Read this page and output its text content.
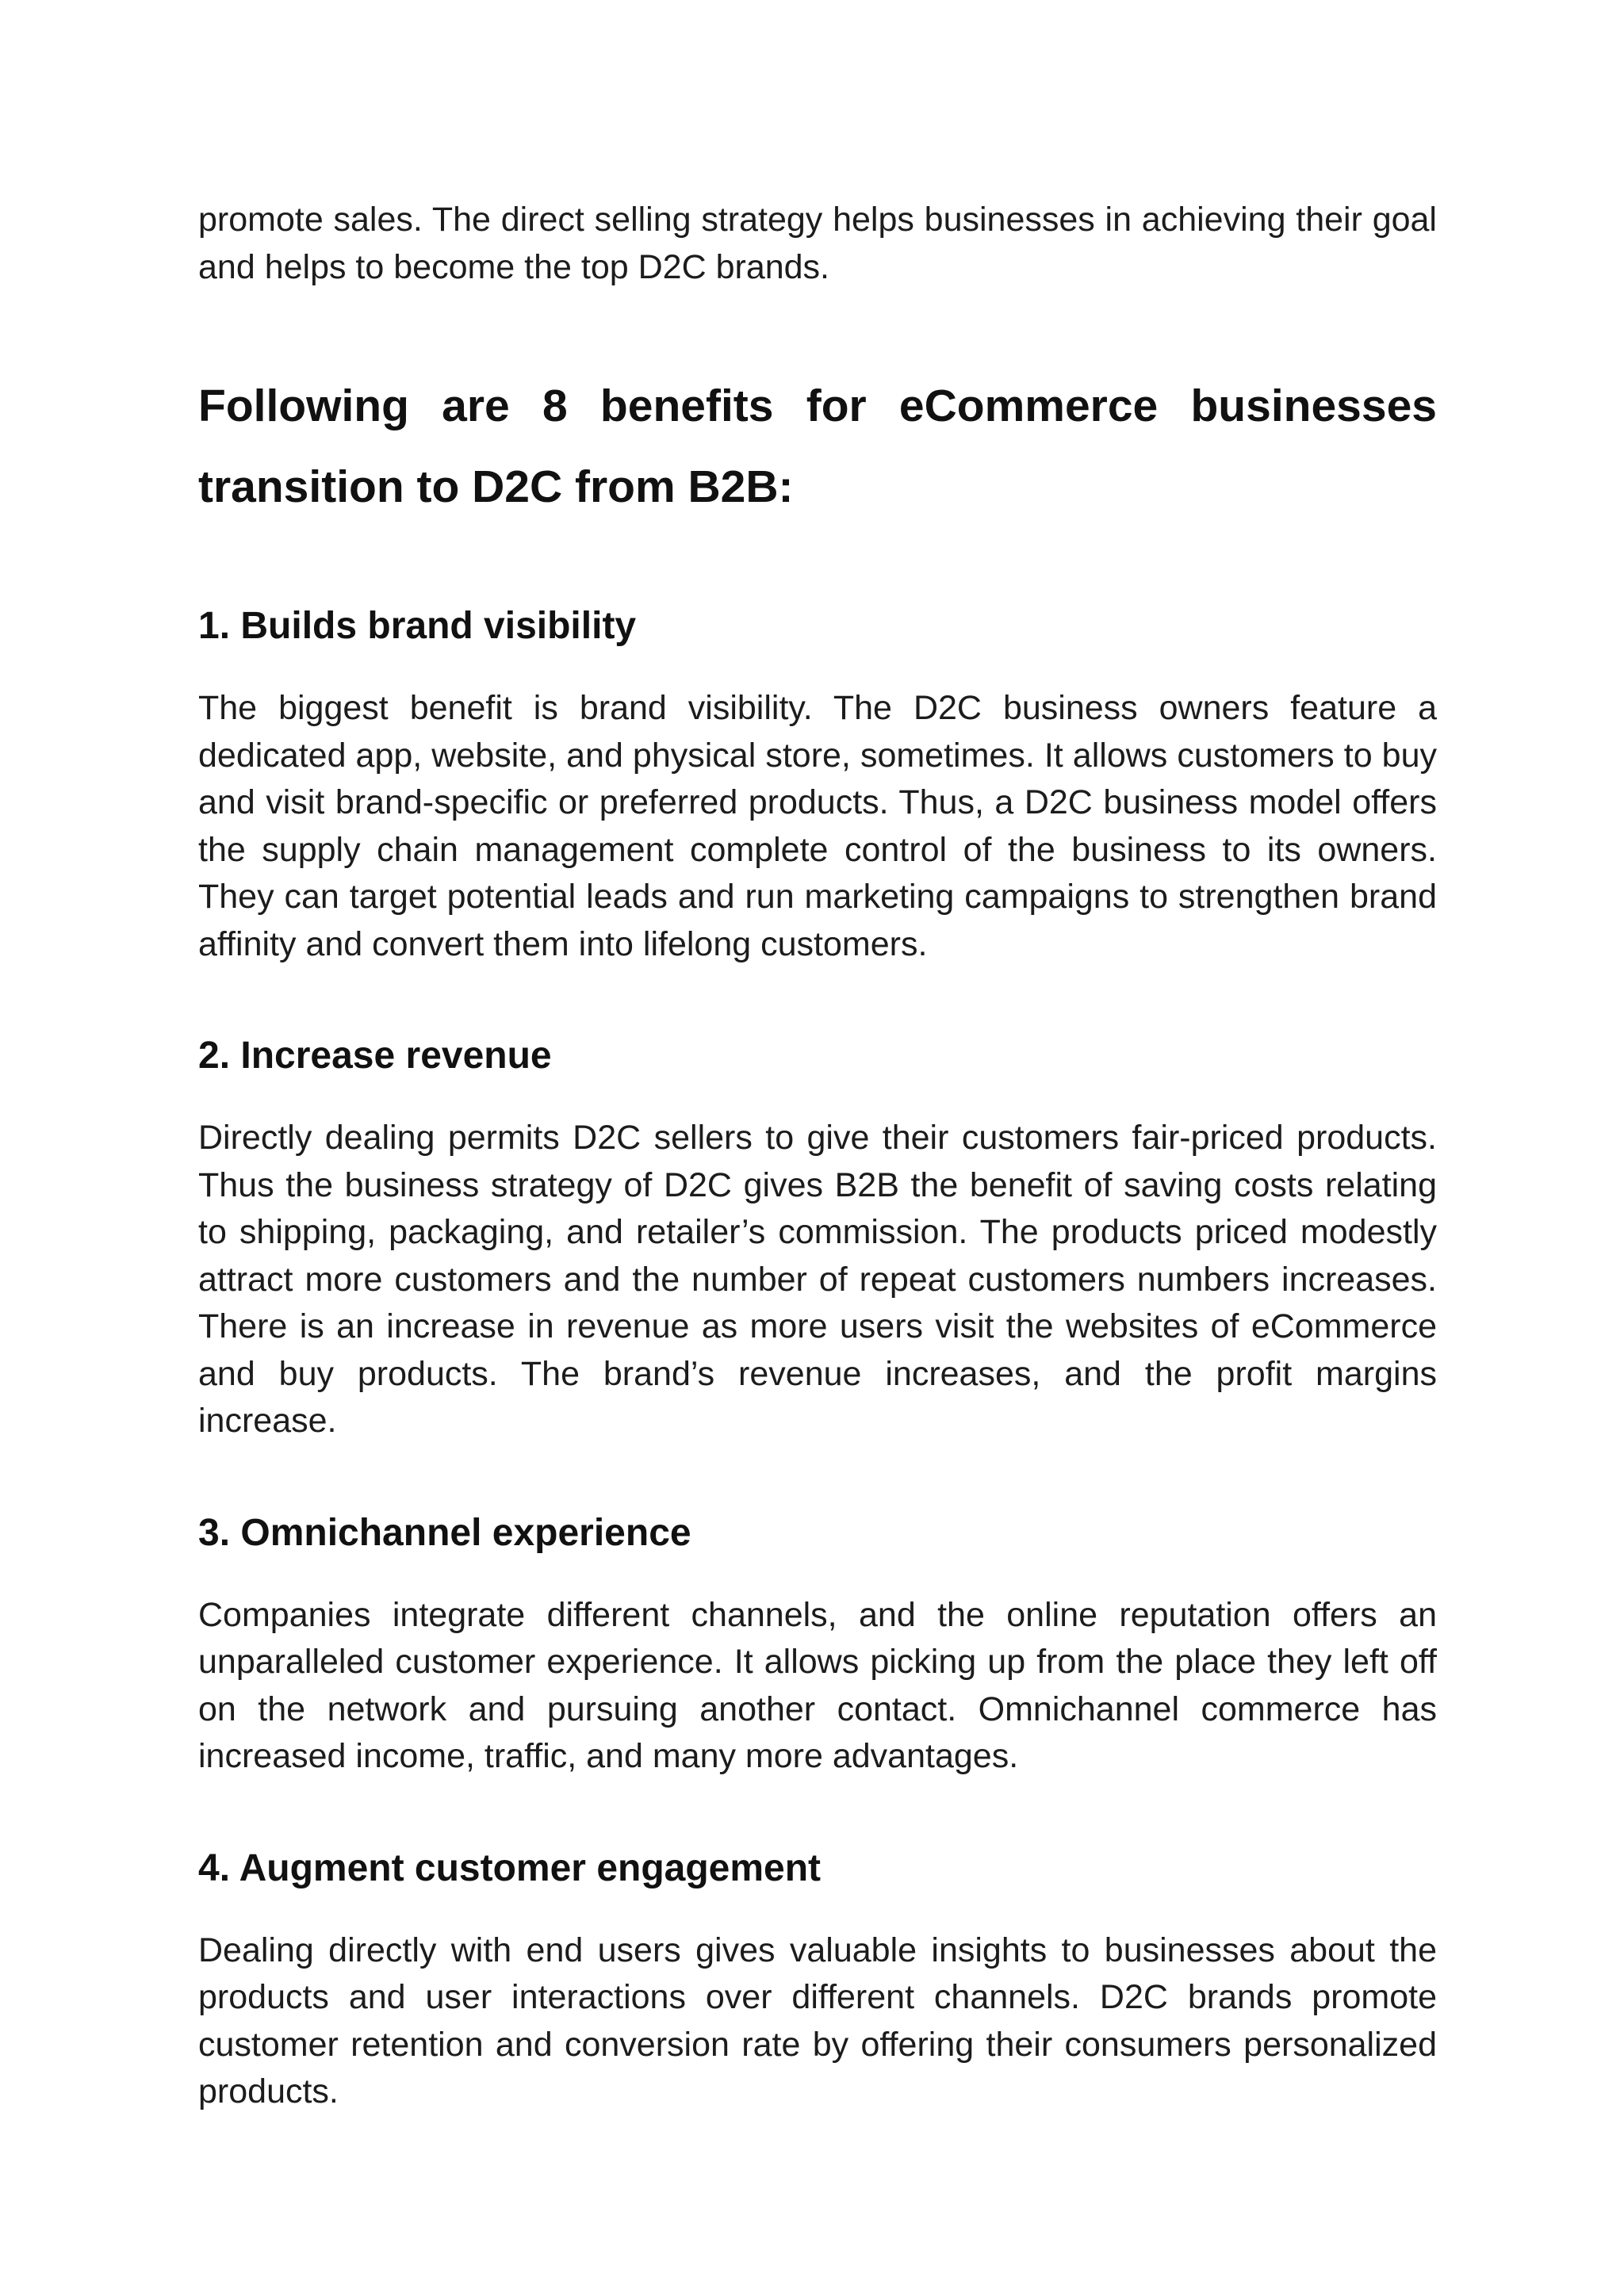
promote sales. The direct selling strategy helps businesses in achieving their goal and helps to become the top D2C brands.

Following are 8 benefits for eCommerce businesses transition to D2C from B2B:
1. Builds brand visibility

The biggest benefit is brand visibility. The D2C business owners feature a dedicated app, website, and physical store, sometimes. It allows customers to buy and visit brand-specific or preferred products. Thus, a D2C business model offers the supply chain management complete control of the business to its owners. They can target potential leads and run marketing campaigns to strengthen brand affinity and convert them into lifelong customers.

2. Increase revenue

Directly dealing permits D2C sellers to give their customers fair-priced products. Thus the business strategy of D2C gives B2B the benefit of saving costs relating to shipping, packaging, and retailer’s commission. The products priced modestly attract more customers and the number of repeat customers numbers increases. There is an increase in revenue as more users visit the websites of eCommerce and buy products. The brand’s revenue increases, and the profit margins increase.

3. Omnichannel experience

Companies integrate different channels, and the online reputation offers an unparalleled customer experience. It allows picking up from the place they left off on the network and pursuing another contact. Omnichannel commerce has increased income, traffic, and many more advantages.

4. Augment customer engagement

Dealing directly with end users gives valuable insights to businesses about the products and user interactions over different channels. D2C brands promote customer retention and conversion rate by offering their consumers personalized products.
